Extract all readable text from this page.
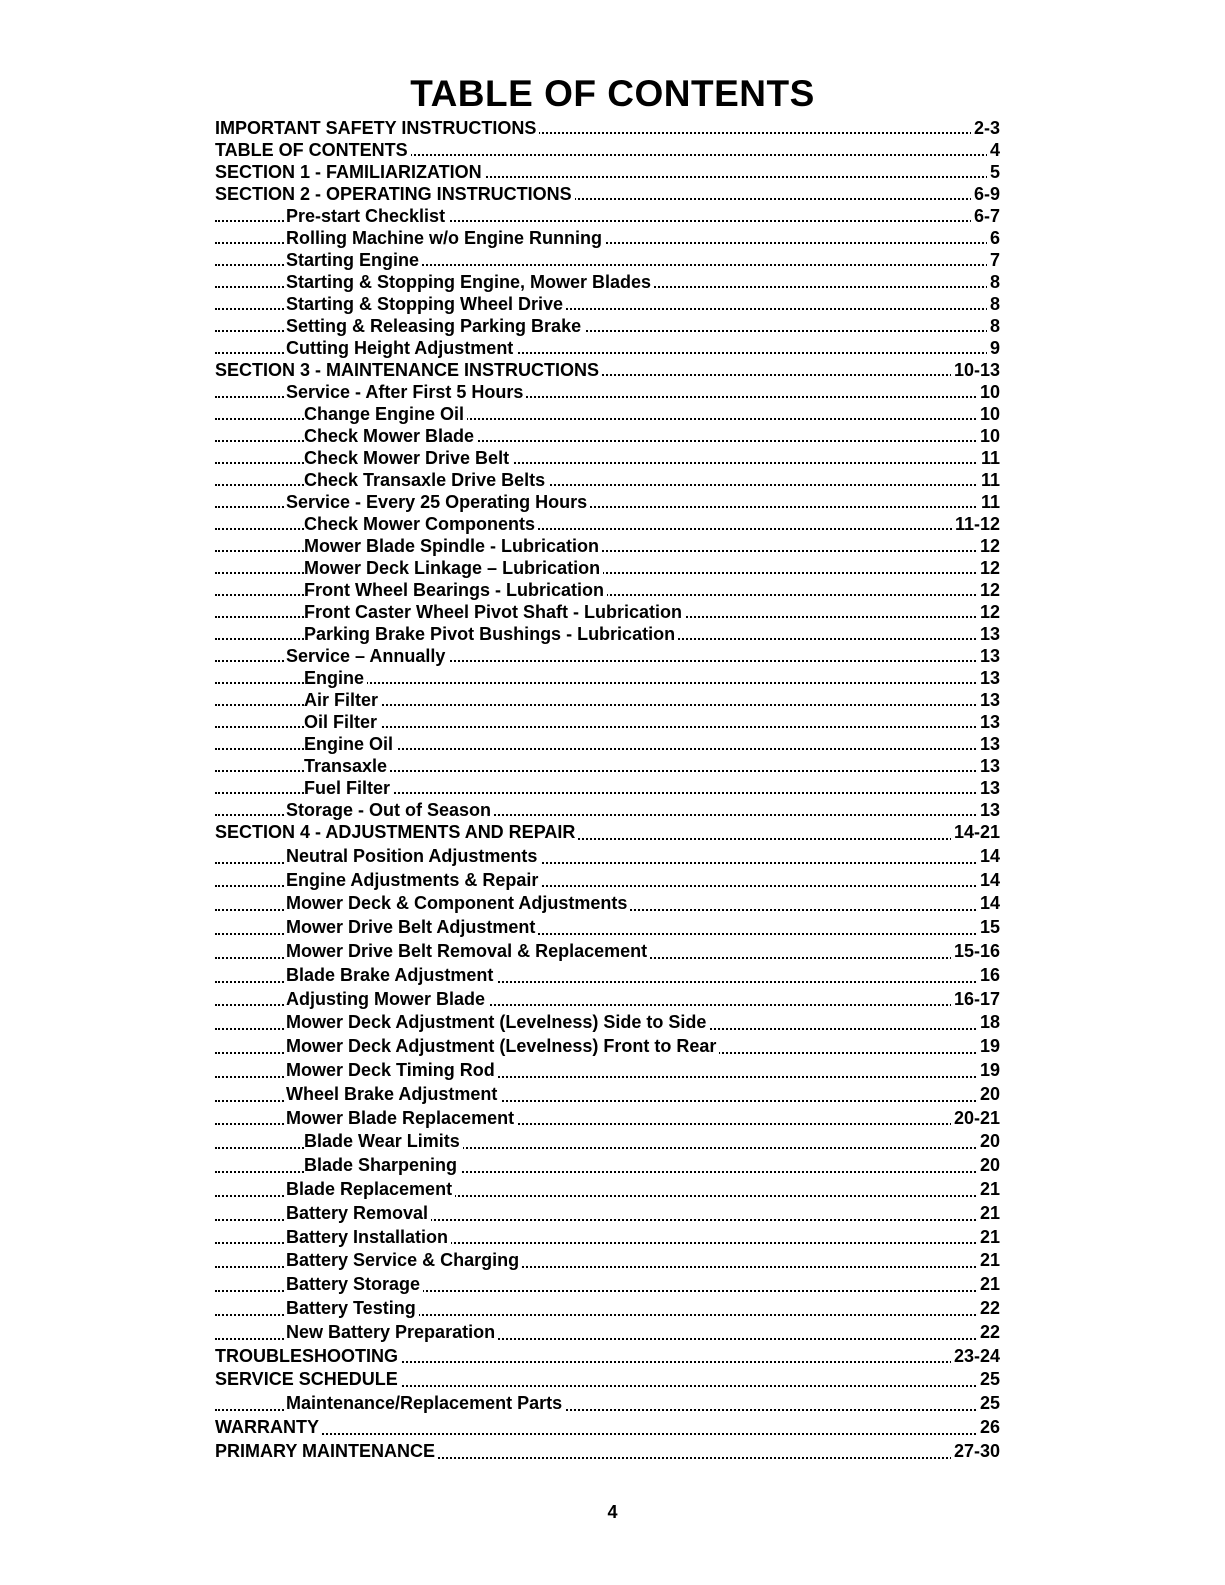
TABLE OF CONTENTS
IMPORTANT SAFETY INSTRUCTIONS	2-3
TABLE OF CONTENTS	4
SECTION 1 - FAMILIARIZATION	5
SECTION 2 - OPERATING INSTRUCTIONS	6-9
Pre-start Checklist	6-7
Rolling Machine w/o Engine Running	6
Starting Engine	7
Starting & Stopping Engine, Mower Blades	8
Starting & Stopping Wheel Drive	8
Setting & Releasing Parking Brake	8
Cutting Height Adjustment	9
SECTION 3 - MAINTENANCE INSTRUCTIONS	10-13
Service - After First 5 Hours	10
Change Engine Oil	10
Check Mower Blade	10
Check Mower Drive Belt	11
Check Transaxle Drive Belts	11
Service - Every 25 Operating Hours	11
Check Mower Components	11-12
Mower Blade Spindle - Lubrication	12
Mower Deck Linkage – Lubrication	12
Front Wheel Bearings - Lubrication	12
Front Caster Wheel Pivot Shaft - Lubrication	12
Parking Brake Pivot Bushings - Lubrication	13
Service – Annually	13
Engine	13
Air Filter	13
Oil Filter	13
Engine Oil	13
Transaxle	13
Fuel Filter	13
Storage - Out of Season	13
SECTION 4 - ADJUSTMENTS AND REPAIR	14-21
Neutral Position Adjustments	14
Engine Adjustments & Repair	14
Mower Deck & Component Adjustments	14
Mower Drive Belt Adjustment	15
Mower Drive Belt Removal & Replacement	15-16
Blade Brake Adjustment	16
Adjusting Mower Blade	16-17
Mower Deck Adjustment (Levelness) Side to Side	18
Mower Deck Adjustment (Levelness) Front to Rear	19
Mower Deck Timing Rod	19
Wheel Brake Adjustment	20
Mower Blade Replacement	20-21
Blade Wear Limits	20
Blade Sharpening	20
Blade Replacement	21
Battery Removal	21
Battery Installation	21
Battery Service & Charging	21
Battery Storage	21
Battery Testing	22
New Battery Preparation	22
TROUBLESHOOTING	23-24
SERVICE SCHEDULE	25
Maintenance/Replacement Parts	25
WARRANTY	26
PRIMARY MAINTENANCE	27-30
4
